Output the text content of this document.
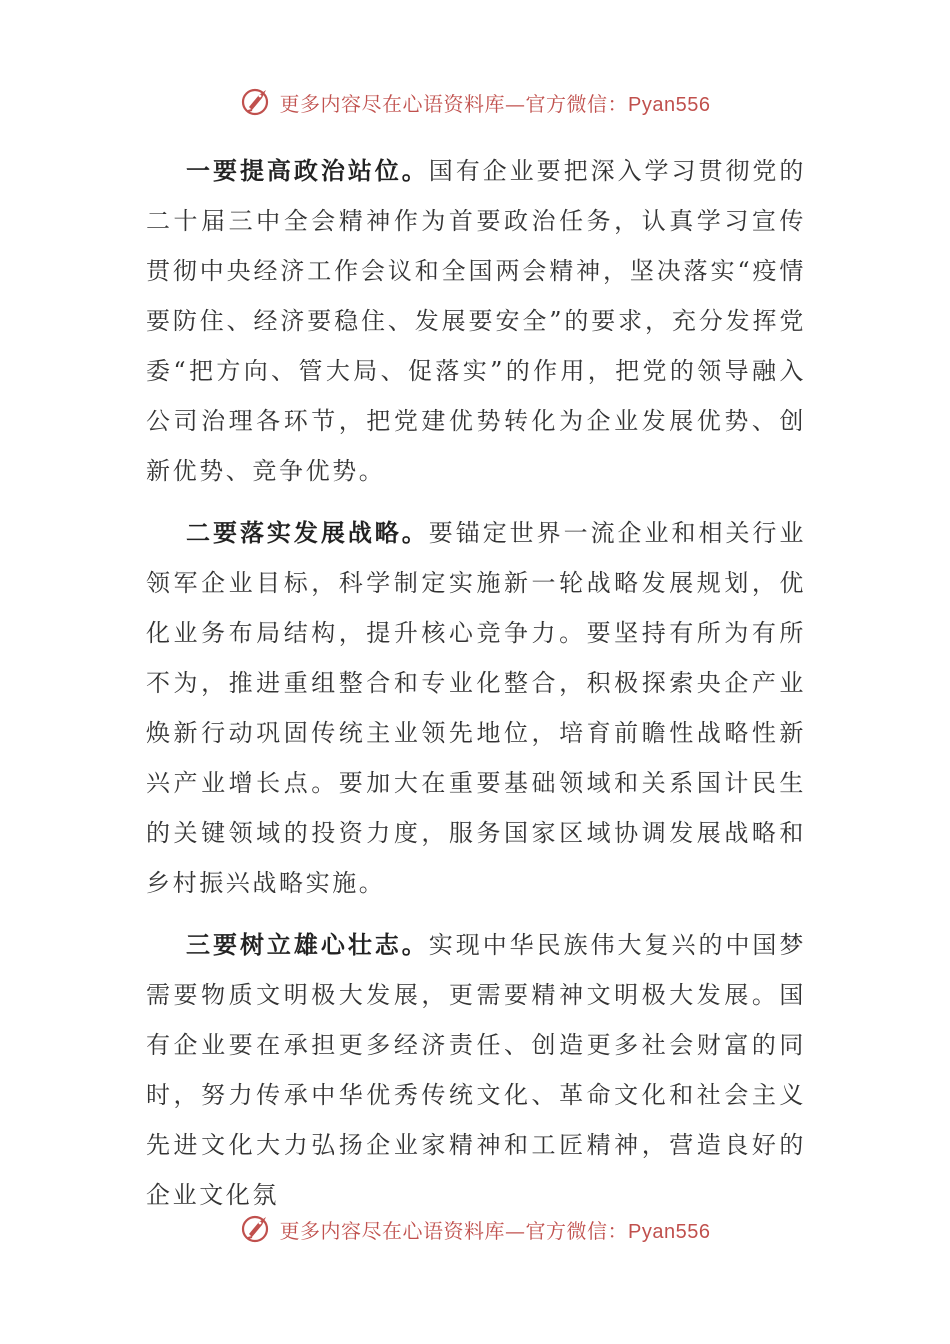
更多内容尽在心语资料库—官方微信：Pyan556

一要提高政治站位。国有企业要把深入学习贯彻党的二十届三中全会精神作为首要政治任务，认真学习宣传贯彻中央经济工作会议和全国两会精神，坚决落实“疫情要防住、经济要稳住、发展要安全”的要求，充分发挥党委“把方向、管大局、促落实”的作用，把党的领导融入公司治理各环节，把党建优势转化为企业发展优势、创新优势、竞争优势。

二要落实发展战略。要锚定世界一流企业和相关行业领军企业目标，科学制定实施新一轮战略发展规划，优化业务布局结构，提升核心竞争力。要坚持有所为有所不为，推进重组整合和专业化整合，积极探索央企产业焕新行动巩固传统主业领先地位，培育前瞻性战略性新兴产业增长点。要加大在重要基础领域和关系国计民生的关键领域的投资力度，服务国家区域协调发展战略和乡村振兴战略实施。

三要树立雄心壮志。实现中华民族伟大复兴的中国梦需要物质文明极大发展，更需要精神文明极大发展。国有企业要在承担更多经济责任、创造更多社会财富的同时，努力传承中华优秀传统文化、革命文化和社会主义先进文化大力弘扬企业家精神和工匠精神，营造良好的企业文化氛

更多内容尽在心语资料库—官方微信：Pyan556
